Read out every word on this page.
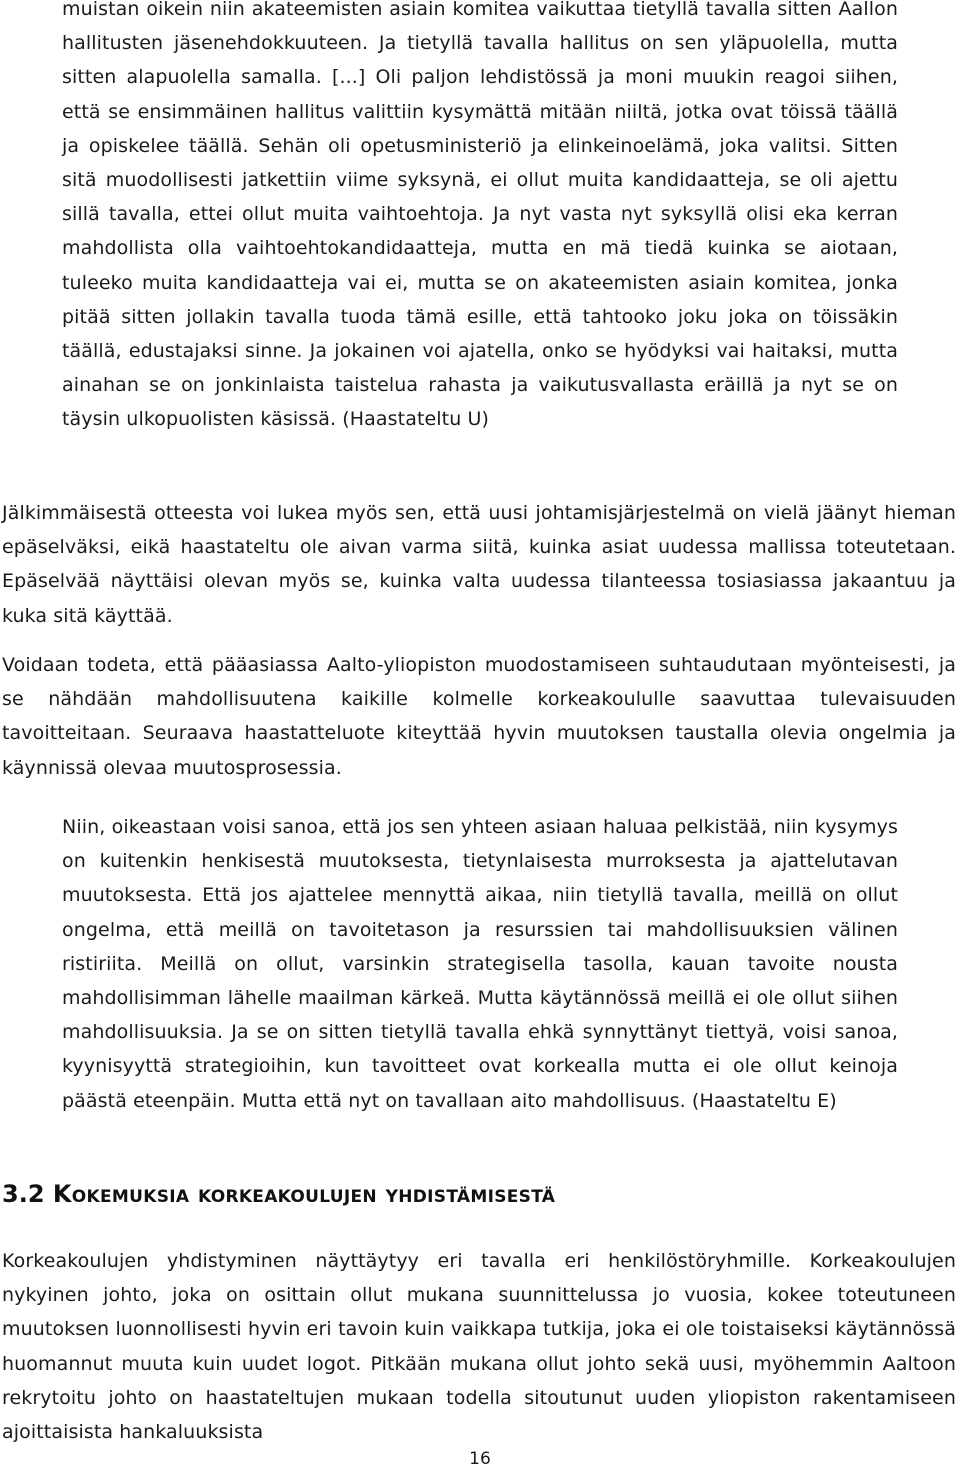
muistan oikein niin akateemisten asiain komitea vaikuttaa tietyllä tavalla sitten Aallon hallitusten jäsenehdokkuuteen. Ja tietyllä tavalla hallitus on sen yläpuolella, mutta sitten alapuolella samalla. [...] Oli paljon lehdistössä ja moni muukin reagoi siihen, että se ensimmäinen hallitus valittiin kysymättä mitään niiltä, jotka ovat töissä täällä ja opiskelee täällä. Sehän oli opetusministeriö ja elinkeinoelämä, joka valitsi. Sitten sitä muodollisesti jatkettiin viime syksynä, ei ollut muita kandidaatteja, se oli ajettu sillä tavalla, ettei ollut muita vaihtoehtoja. Ja nyt vasta nyt syksyllä olisi eka kerran mahdollista olla vaihtoehtokandidaatteja, mutta en mä tiedä kuinka se aiotaan, tuleeko muita kandidaatteja vai ei, mutta se on akateemisten asiain komitea, jonka pitää sitten jollakin tavalla tuoda tämä esille, että tahtooko joku joka on töissäkin täällä, edustajaksi sinne. Ja jokainen voi ajatella, onko se hyödyksi vai haitaksi, mutta ainahan se on jonkinlaista taistelua rahasta ja vaikutusvallasta eräillä ja nyt se on täysin ulkopuolisten käsissä. (Haastateltu U)

Jälkimmäisestä otteesta voi lukea myös sen, että uusi johtamisjärjestelmä on vielä jäänyt hieman epäselväksi, eikä haastateltu ole aivan varma siitä, kuinka asiat uudessa mallissa toteutetaan. Epäselvää näyttäisi olevan myös se, kuinka valta uudessa tilanteessa tosiasiassa jakaantuu ja kuka sitä käyttää.

Voidaan todeta, että pääasiassa Aalto-yliopiston muodostamiseen suhtaudutaan myönteisesti, ja se nähdään mahdollisuutena kaikille kolmelle korkeakoululle saavuttaa tulevaisuuden tavoitteitaan. Seuraava haastatteluote kiteyttää hyvin muutoksen taustalla olevia ongelmia ja käynnissä olevaa muutosprosessia.

Niin, oikeastaan voisi sanoa, että jos sen yhteen asiaan haluaa pelkistää, niin kysymys on kuitenkin henkisestä muutoksesta, tietynlaisesta murroksesta ja ajattelutavan muutoksesta. Että jos ajattelee mennyttä aikaa, niin tietyllä tavalla, meillä on ollut ongelma, että meillä on tavoitetason ja resurssien tai mahdollisuuksien välinen ristiriita. Meillä on ollut, varsinkin strategisella tasolla, kauan tavoite nousta mahdollisimman lähelle maailman kärkeä. Mutta käytännössä meillä ei ole ollut siihen mahdollisuuksia. Ja se on sitten tietyllä tavalla ehkä synnyttänyt tiettyä, voisi sanoa, kyynisyyttä strategioihin, kun tavoitteet ovat korkealla mutta ei ole ollut keinoja päästä eteenpäin. Mutta että nyt on tavallaan aito mahdollisuus. (Haastateltu E)

3.2 Kokemuksia korkeakoulujen yhdistämisestä

Korkeakoulujen yhdistyminen näyttäytyy eri tavalla eri henkilöstöryhmille. Korkeakoulujen nykyinen johto, joka on osittain ollut mukana suunnittelussa jo vuosia, kokee toteutuneen muutoksen luonnollisesti hyvin eri tavoin kuin vaikkapa tutkija, joka ei ole toistaiseksi käytännössä huomannut muuta kuin uudet logot. Pitkään mukana ollut johto sekä uusi, myöhemmin Aaltoon rekrytoitu johto on haastateltujen mukaan todella sitoutunut uuden yliopiston rakentamiseen ajoittaisista hankaluuksista

16
